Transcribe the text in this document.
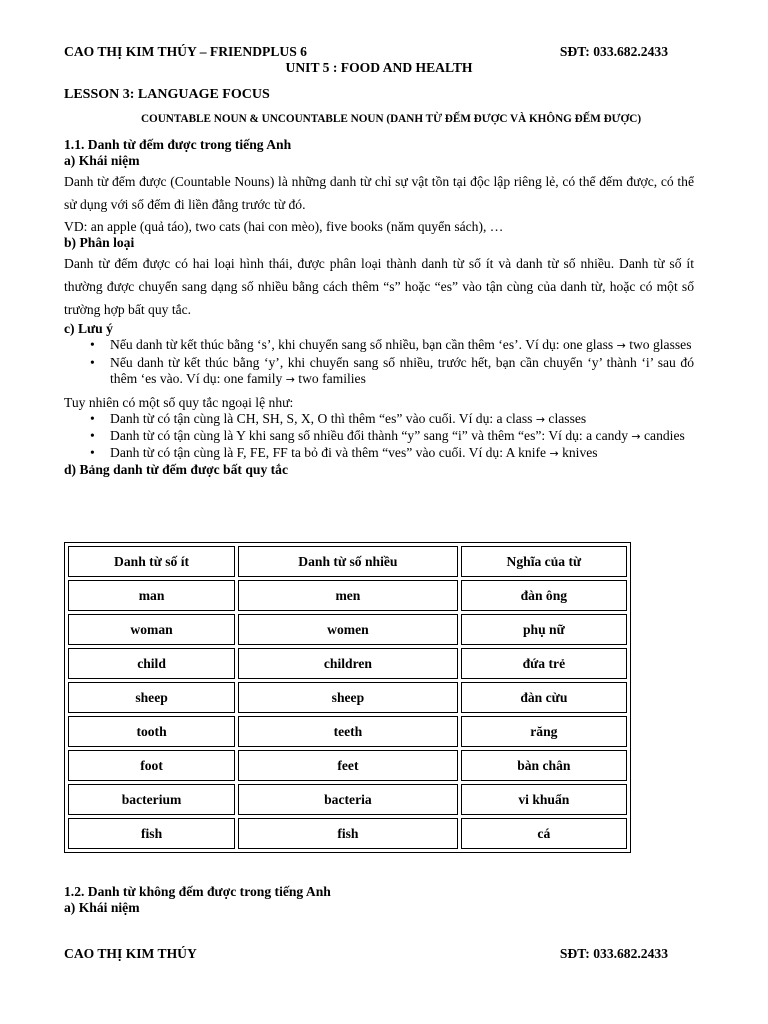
CAO THỊ KIM THÚY – FRIENDPLUS 6	SĐT: 033.682.2433
UNIT 5 : FOOD AND HEALTH
LESSON 3: LANGUAGE FOCUS
COUNTABLE NOUN & UNCOUNTABLE NOUN (DANH TỪ ĐẾM ĐƯỢC VÀ KHÔNG ĐẾM ĐƯỢC)
1.1. Danh từ đếm được trong tiếng Anh
a) Khái niệm

Danh từ đếm được (Countable Nouns) là những danh từ chỉ sự vật tồn tại độc lập riêng lẻ, có thể đếm được, có thể sử dụng với số đếm đi liền đằng trước từ đó.

VD: an apple (quả táo), two cats (hai con mèo), five books (năm quyển sách), …

b) Phân loại

Danh từ đếm được có hai loại hình thái, được phân loại thành danh từ số ít và danh từ số nhiều. Danh từ số ít thường được chuyển sang dạng số nhiều bằng cách thêm “s” hoặc “es” vào tận cùng của danh từ, hoặc có một số trường hợp bất quy tắc.

c) Lưu ý
• Nếu danh từ kết thúc bằng ‘s’, khi chuyển sang số nhiều, bạn cần thêm ‘es’. Ví dụ: one glass → two glasses
• Nếu danh từ kết thúc bằng ‘y’, khi chuyển sang số nhiều, trước hết, bạn cần chuyển ‘y’ thành ‘i’ sau đó thêm ‘es vào. Ví dụ: one family → two families

Tuy nhiên có một số quy tắc ngoại lệ như:

• Danh từ có tận cùng là CH, SH, S, X, O thì thêm “es” vào cuối. Ví dụ: a class → classes
• Danh từ có tận cùng là Y khi sang số nhiều đổi thành “y” sang “i” và thêm “es”: Ví dụ: a candy → candies
• Danh từ có tận cùng là F, FE, FF ta bỏ đi và thêm “ves” vào cuối. Ví dụ: A knife → knives
d) Bảng danh từ đếm được bất quy tắc
Danh từ số ít	Danh từ số nhiều	Nghĩa của từ
man	men	đàn ông
woman	women	phụ nữ
child	children	đứa trẻ
sheep	sheep	đàn cừu
tooth	teeth	răng
foot	feet	bàn chân
bacterium	bacteria	vi khuẩn
fish	fish	cá
1.2. Danh từ không đếm được trong tiếng Anh
a) Khái niệm
CAO THỊ KIM THÚY	SĐT: 033.682.2433
